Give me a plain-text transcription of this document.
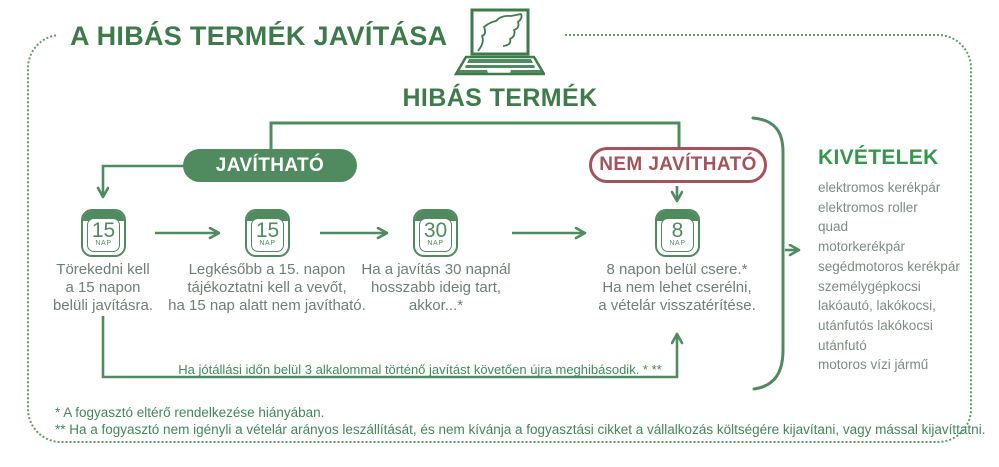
A HIBÁS TERMÉK JAVÍTÁSA
HIBÁS TERMÉK
JAVÍTHATÓ	NEM JAVÍTHATÓ
15
NAP
15
NAP
30
NAP
8
NAP
Törekedni kell
a 15 napon
belüli javításra.
Legkésőbb a 15. napon
tájékoztatni kell a vevőt,
ha 15 nap alatt nem javítható.
Ha a javítás 30 napnál
hosszabb ideig tart,
akkor...*
8 napon belül csere.*
Ha nem lehet cserélni,
a vételár visszatérítése.
Ha jótállási időn belül 3 alkalommal történő javítást követően újra meghibásodik. * **
KIVÉTELEK
elektromos kerékpár
elektromos roller
quad
motorkerékpár
segédmotoros kerékpár
személygépkocsi
lakóautó, lakókocsi,
utánfutós lakókocsi
utánfutó
motoros vízi jármű
* A fogyasztó eltérő rendelkezése hiányában.
** Ha a fogyasztó nem igényli a vételár arányos leszállítását, és nem kívánja a fogyasztási cikket a vállalkozás költségére kijavítani, vagy mással kijavíttatni.
